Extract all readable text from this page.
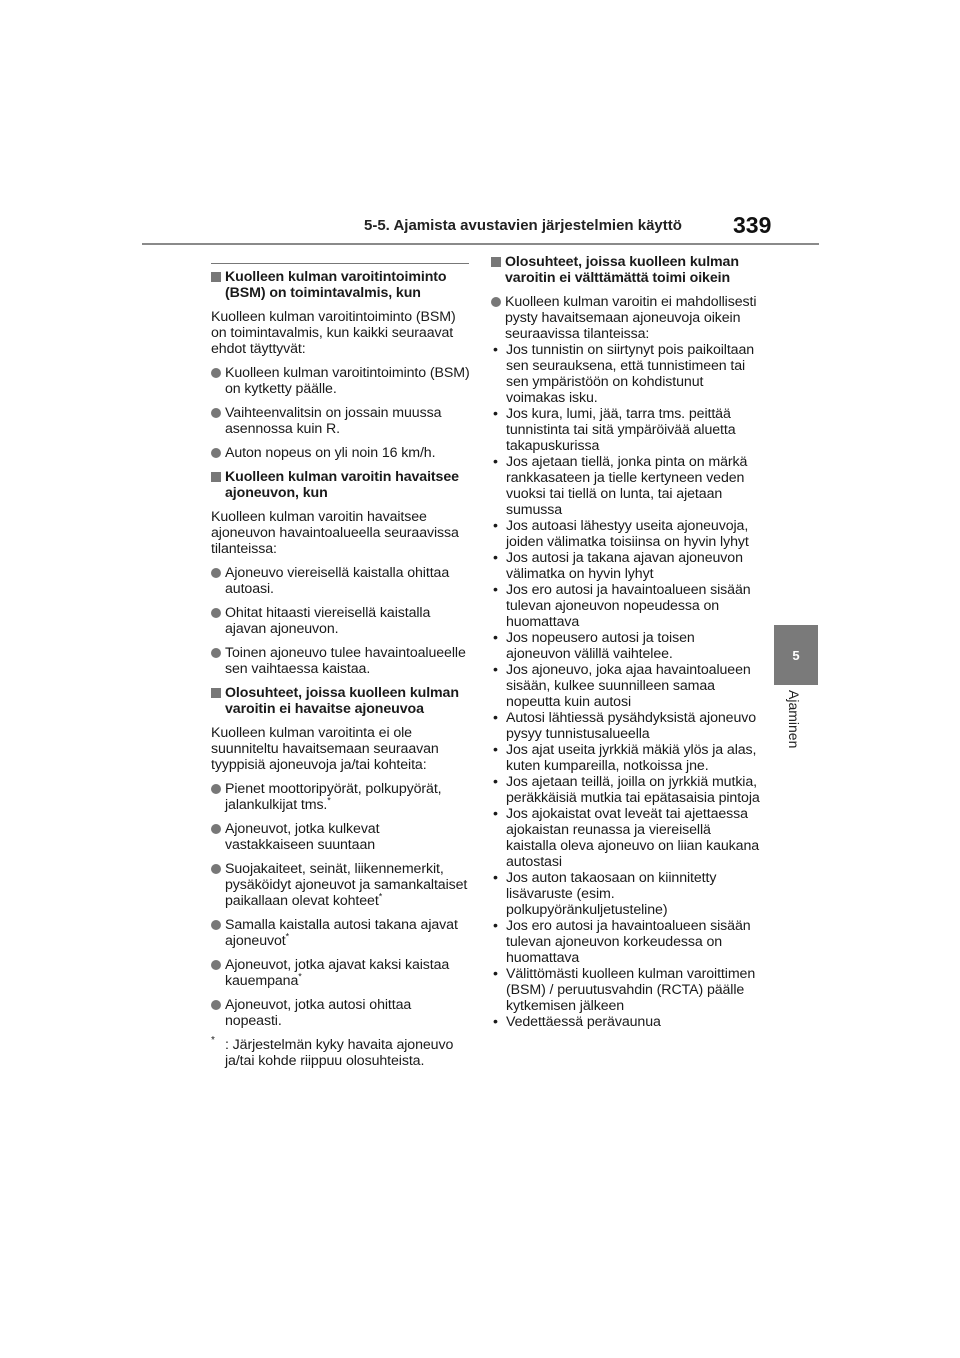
5-5. Ajamista avustavien järjestelmien käyttö 339
5
Ajaminen
Kuolleen kulman varoitintoiminto (BSM) on toimintavalmis, kun
Kuolleen kulman varoitintoiminto (BSM) on toimintavalmis, kun kaikki seuraavat ehdot täyttyvät:
Kuolleen kulman varoitintoiminto (BSM) on kytketty päälle.
Vaihteenvalitsin on jossain muussa asennossa kuin R.
Auton nopeus on yli noin 16 km/h.
Kuolleen kulman varoitin havaitsee ajoneuvon, kun
Kuolleen kulman varoitin havaitsee ajoneuvon havaintoalueella seuraavissa tilanteissa:
Ajoneuvo viereisellä kaistalla ohittaa autoasi.
Ohitat hitaasti viereisellä kaistalla ajavan ajoneuvon.
Toinen ajoneuvo tulee havaintoalueelle sen vaihtaessa kaistaa.
Olosuhteet, joissa kuolleen kulman varoitin ei havaitse ajoneuvoa
Kuolleen kulman varoitinta ei ole suunniteltu havaitsemaan seuraavan tyyppisiä ajoneuvoja ja/tai kohteita:
Pienet moottoripyörät, polkupyörät, jalankulkijat tms.*
Ajoneuvot, jotka kulkevat vastakkaiseen suuntaan
Suojakaiteet, seinät, liikennemerkit, pysäköidyt ajoneuvot ja samankaltaiset paikallaan olevat kohteet*
Samalla kaistalla autosi takana ajavat ajoneuvot*
Ajoneuvot, jotka ajavat kaksi kaistaa kauempana*
Ajoneuvot, jotka autosi ohittaa nopeasti.
* : Järjestelmän kyky havaita ajoneuvo ja/tai kohde riippuu olosuhteista.
Olosuhteet, joissa kuolleen kulman varoitin ei välttämättä toimi oikein
Kuolleen kulman varoitin ei mahdollisesti pysty havaitsemaan ajoneuvoja oikein seuraavissa tilanteissa:
• Jos tunnistin on siirtynyt pois paikoiltaan sen seurauksena, että tunnistimeen tai sen ympäristöön on kohdistunut voimakas isku.
• Jos kura, lumi, jää, tarra tms. peittää tunnistinta tai sitä ympäröivää aluetta takapuskurissa
• Jos ajetaan tiellä, jonka pinta on märkä rankkasateen ja tielle kertyneen veden vuoksi tai tiellä on lunta, tai ajetaan sumussa
• Jos autoasi lähestyy useita ajoneuvoja, joiden välimatka toisiinsa on hyvin lyhyt
• Jos autosi ja takana ajavan ajoneuvon välimatka on hyvin lyhyt
• Jos ero autosi ja havaintoalueen sisään tulevan ajoneuvon nopeudessa on huomattava
• Jos nopeusero autosi ja toisen ajoneuvon välillä vaihtelee.
• Jos ajoneuvo, joka ajaa havaintoalueen sisään, kulkee suunnilleen samaa nopeutta kuin autosi
• Autosi lähtiessä pysähdyksistä ajoneuvo pysyy tunnistusalueella
• Jos ajat useita jyrkkiä mäkiä ylös ja alas, kuten kumpareilla, notkoissa jne.
• Jos ajetaan teillä, joilla on jyrkkiä mutkia, peräkkäisiä mutkia tai epätasaisia pintoja
• Jos ajokaistat ovat leveät tai ajettaessa ajokaistan reunassa ja viereisellä kaistalla oleva ajoneuvo on liian kaukana autostasi
• Jos auton takaosaan on kiinnitetty lisävaruste (esim. polkupyöränkuljetusteline)
• Jos ero autosi ja havaintoalueen sisään tulevan ajoneuvon korkeudessa on huomattava
• Välittömästi kuolleen kulman varoittimen (BSM) / peruutusvahdin (RCTA) päälle kytkemisen jälkeen
• Vedettäessä perävaunua
